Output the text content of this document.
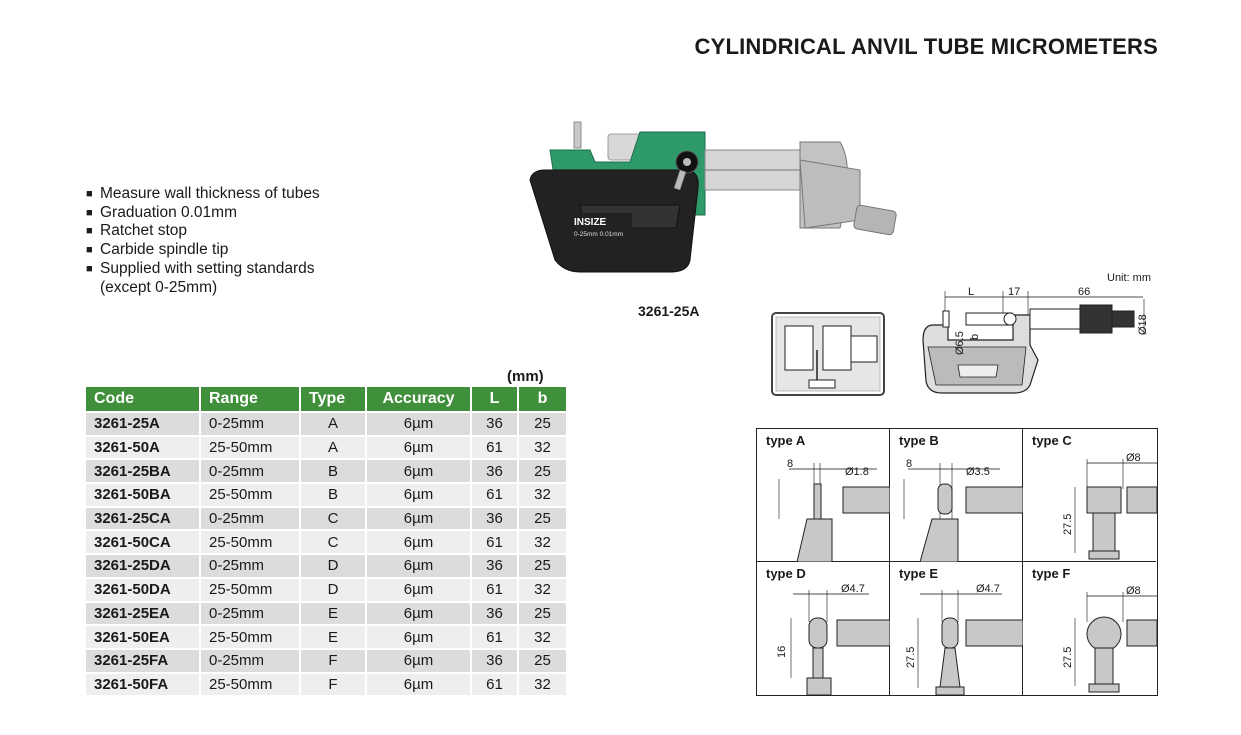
CYLINDRICAL ANVIL TUBE MICROMETERS
■ Measure wall thickness of tubes
■ Graduation 0.01mm
■ Ratchet stop
■ Carbide spindle tip
■ Supplied with setting standards
(except 0-25mm)
INSIZE
0-25mm 0.01mm
3261-25A
Unit: mm
L	17	66
Ø18
Ø6.5 b
(mm)
Code	Range	Type	Accuracy	L	b
3261-25A	0-25mm	A	6µm	36	25
3261-50A	25-50mm	A	6µm	61	32
3261-25BA	0-25mm	B	6µm	36	25
3261-50BA	25-50mm	B	6µm	61	32
3261-25CA	0-25mm	C	6µm	36	25
3261-50CA	25-50mm	C	6µm	61	32
3261-25DA	0-25mm	D	6µm	36	25
3261-50DA	25-50mm	D	6µm	61	32
3261-25EA	0-25mm	E	6µm	36	25
3261-50EA	25-50mm	E	6µm	61	32
3261-25FA	0-25mm	F	6µm	36	25
3261-50FA	25-50mm	F	6µm	61	32
type A
8
Ø1.8
type B
8
Ø3.5
type C
Ø8
27.5
type D
Ø4.7
16
type E
Ø4.7
27.5
type F
Ø8
27.5
